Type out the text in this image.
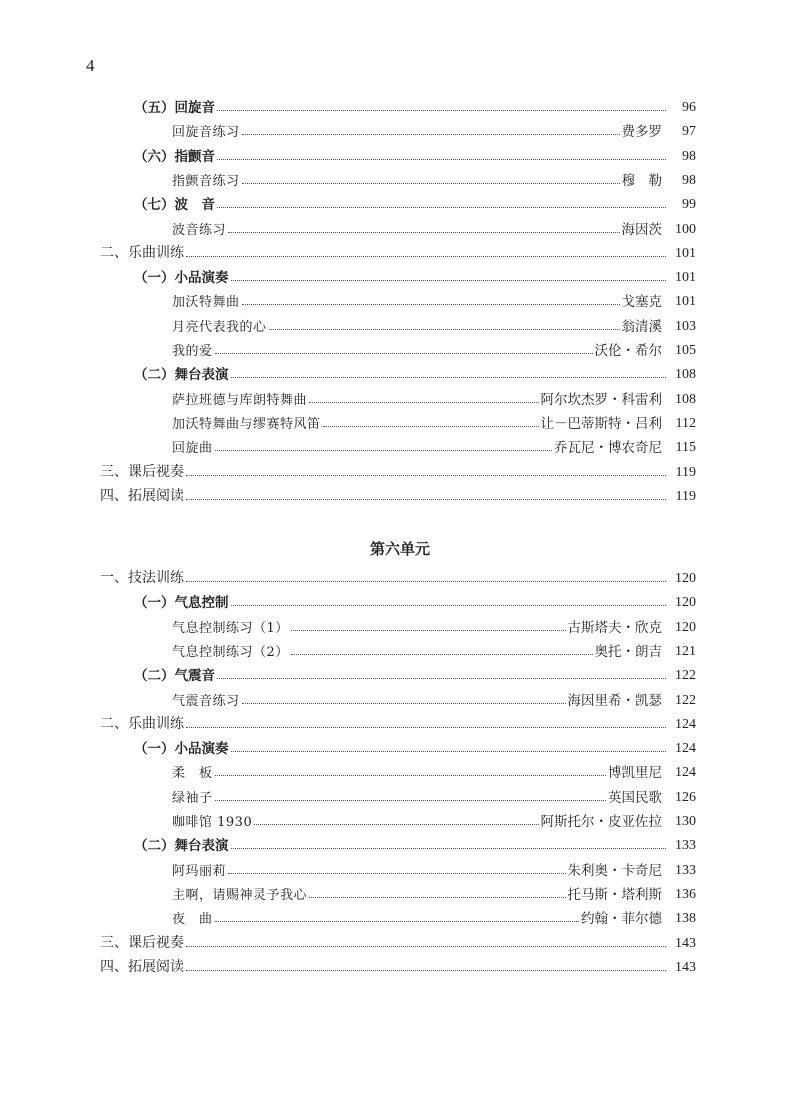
4
（五）回旋音	96
回旋音练习	费多罗	97
（六）指颤音	98
指颤音练习	穆　勒	98
（七）波　音	99
波音练习	海因茨 100
二、乐曲训练	101
（一）小品演奏	101
加沃特舞曲	戈塞克 101
月亮代表我的心	翁清溪 103
我的爱	沃伦・希尔 105
（二）舞台表演	108
萨拉班德与库朗特舞曲	阿尔坎杰罗・科雷利 108
加沃特舞曲与缪赛特风笛	让－巴蒂斯特・吕利 112
回旋曲	乔瓦尼・博农奇尼 115
三、课后视奏	119
四、拓展阅读	119
第六单元
一、技法训练	120
（一）气息控制	120
气息控制练习（1）	古斯塔夫・欣克 120
气息控制练习（2）	奥托・朗吉 121
（二）气震音	122
气震音练习	海因里希・凯瑟 122
二、乐曲训练	124
（一）小品演奏	124
柔　板	博凯里尼 124
绿袖子	英国民歌 126
咖啡馆 1930	阿斯托尔・皮亚佐拉 130
（二）舞台表演	133
阿玛丽莉	朱利奥・卡奇尼 133
主啊，请赐神灵予我心	托马斯・塔利斯 136
夜　曲	约翰・菲尔德 138
三、课后视奏	143
四、拓展阅读	143
